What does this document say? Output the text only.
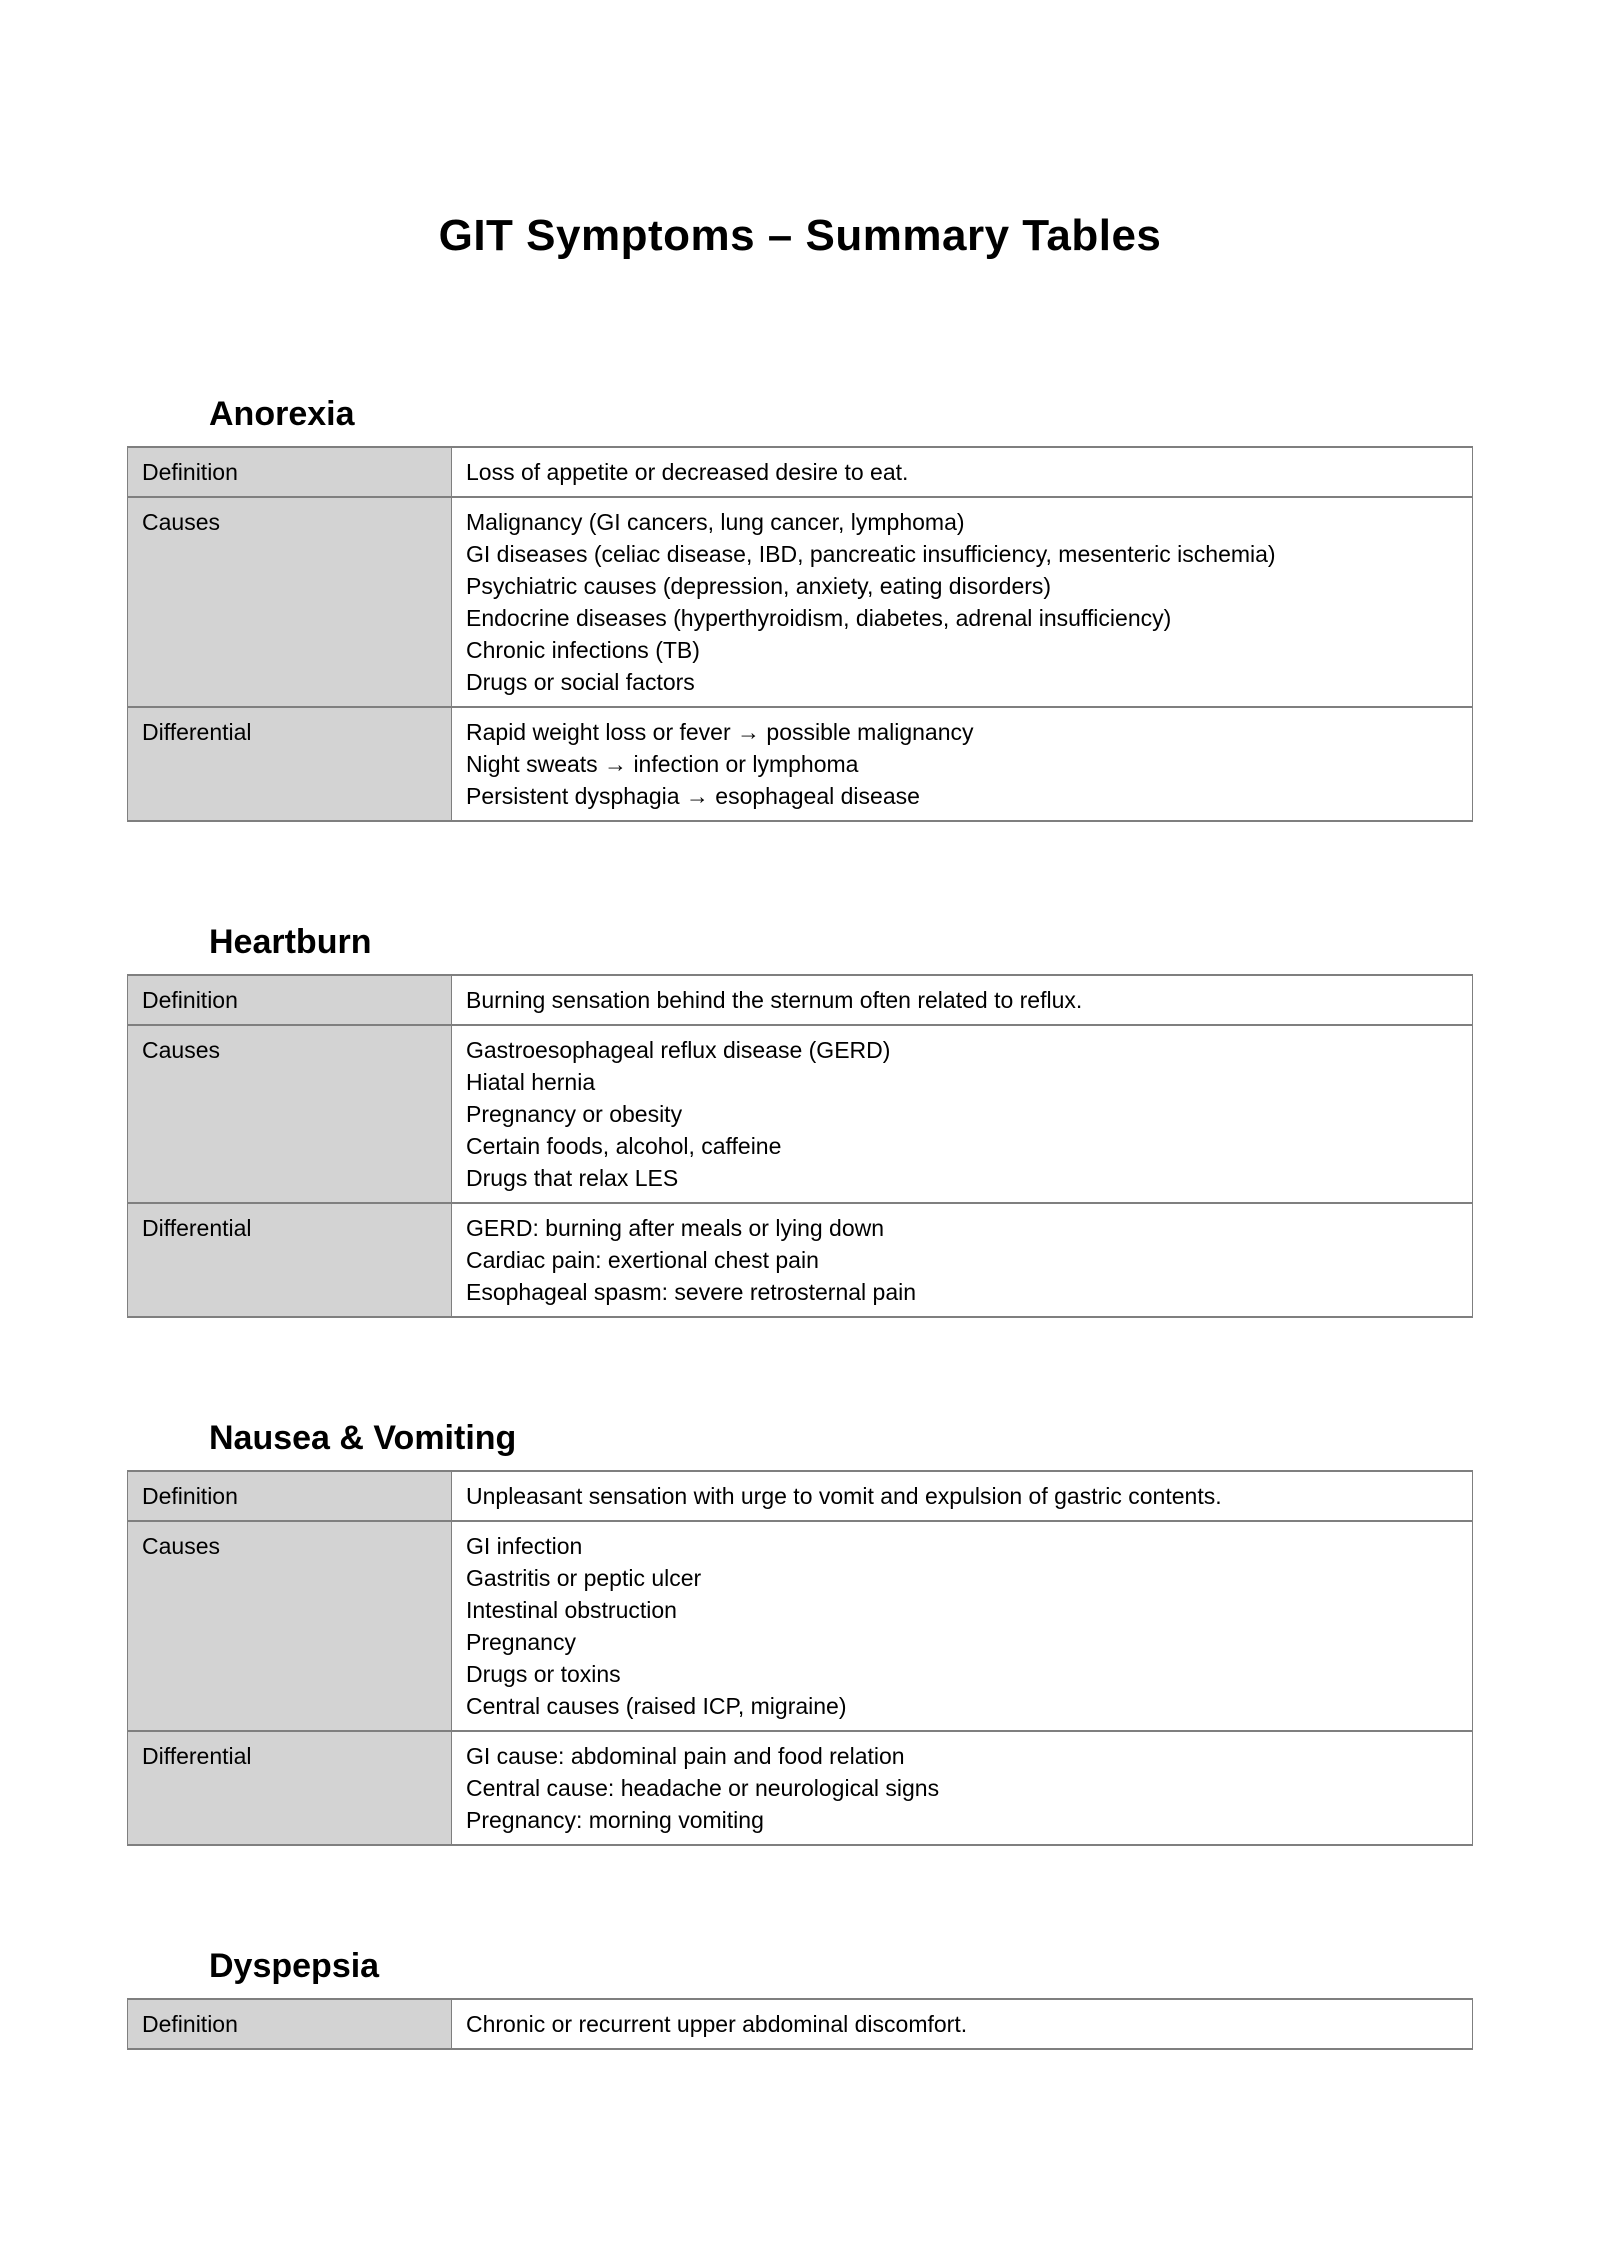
GIT Symptoms – Summary Tables
Anorexia
Definition	Loss of appetite or decreased desire to eat.

Causes	Malignancy (GI cancers, lung cancer, lymphoma)
GI diseases (celiac disease, IBD, pancreatic insufficiency, mesenteric ischemia)
Psychiatric causes (depression, anxiety, eating disorders)
Endocrine diseases (hyperthyroidism, diabetes, adrenal insufficiency)
Chronic infections (TB)
Drugs or social factors

Differential	Rapid weight loss or fever → possible malignancy
Night sweats → infection or lymphoma
Persistent dysphagia → esophageal disease
Heartburn
Definition	Burning sensation behind the sternum often related to reflux.

Causes	Gastroesophageal reflux disease (GERD)
Hiatal hernia
Pregnancy or obesity
Certain foods, alcohol, caffeine
Drugs that relax LES

Differential	GERD: burning after meals or lying down
Cardiac pain: exertional chest pain
Esophageal spasm: severe retrosternal pain
Nausea & Vomiting
Definition	Unpleasant sensation with urge to vomit and expulsion of gastric contents.

Causes	GI infection
Gastritis or peptic ulcer
Intestinal obstruction
Pregnancy
Drugs or toxins
Central causes (raised ICP, migraine)

Differential	GI cause: abdominal pain and food relation
Central cause: headache or neurological signs
Pregnancy: morning vomiting
Dyspepsia
Definition	Chronic or recurrent upper abdominal discomfort.
